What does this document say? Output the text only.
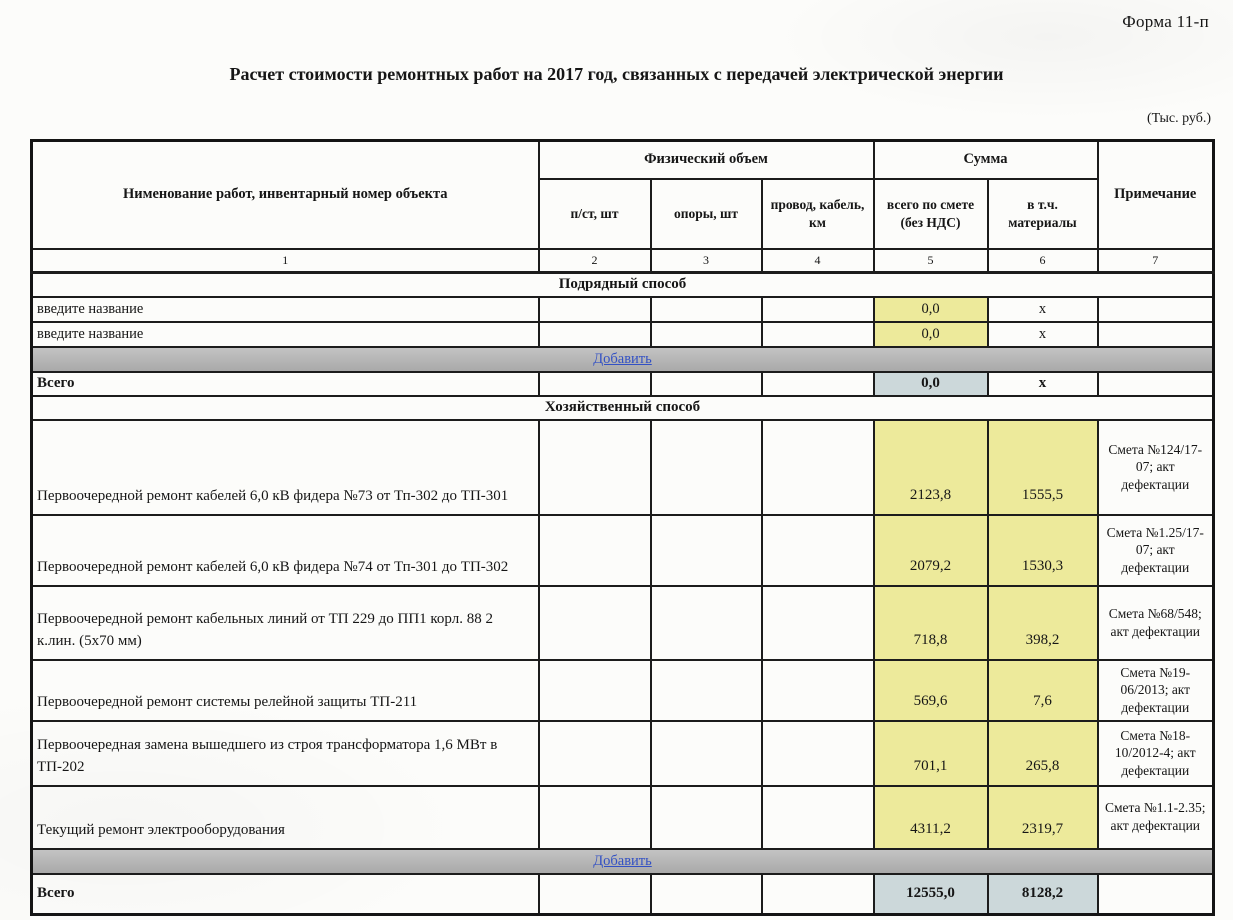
Форма 11-п
Расчет стоимости ремонтных работ на 2017 год, связанных с передачей электрической энергии
(Тыс. руб.)
Нименование работ, инвентарный номер объекта	Физический объем			Сумма		Примечание
	п/ст, шт	опоры, шт	провод, кабель, км	всего по смете (без НДС)	в т.ч. материалы	
1	2	3	4	5	6	7
Подрядный способ						
введите название				0,0	x	
введите название				0,0	x	
Добавить						
Всего				0,0	x	
Хозяйственный способ						
Первоочередной ремонт кабелей 6,0 кВ фидера №73 от Тп-302 до ТП-301				2123,8	1555,5	Смета №124/17-07; акт дефектации
Первоочередной ремонт кабелей 6,0 кВ фидера №74 от Тп-301 до ТП-302				2079,2	1530,3	Смета №1.25/17-07; акт дефектации
Первоочередной ремонт кабельных линий от ТП 229 до ПП1 корл. 88 2 к.лин. (5х70 мм)				718,8	398,2	Смета №68/548; акт дефектации
Первоочередной ремонт системы релейной защиты ТП-211				569,6	7,6	Смета №19-06/2013; акт дефектации
Первоочередная замена вышедшего из строя трансформатора 1,6 МВт в ТП-202				701,1	265,8	Смета №18-10/2012-4; акт дефектации
Текущий ремонт электрооборудования				4311,2	2319,7	Смета №1.1-2.35; акт дефектации
Добавить						
Всего				12555,0	8128,2	
